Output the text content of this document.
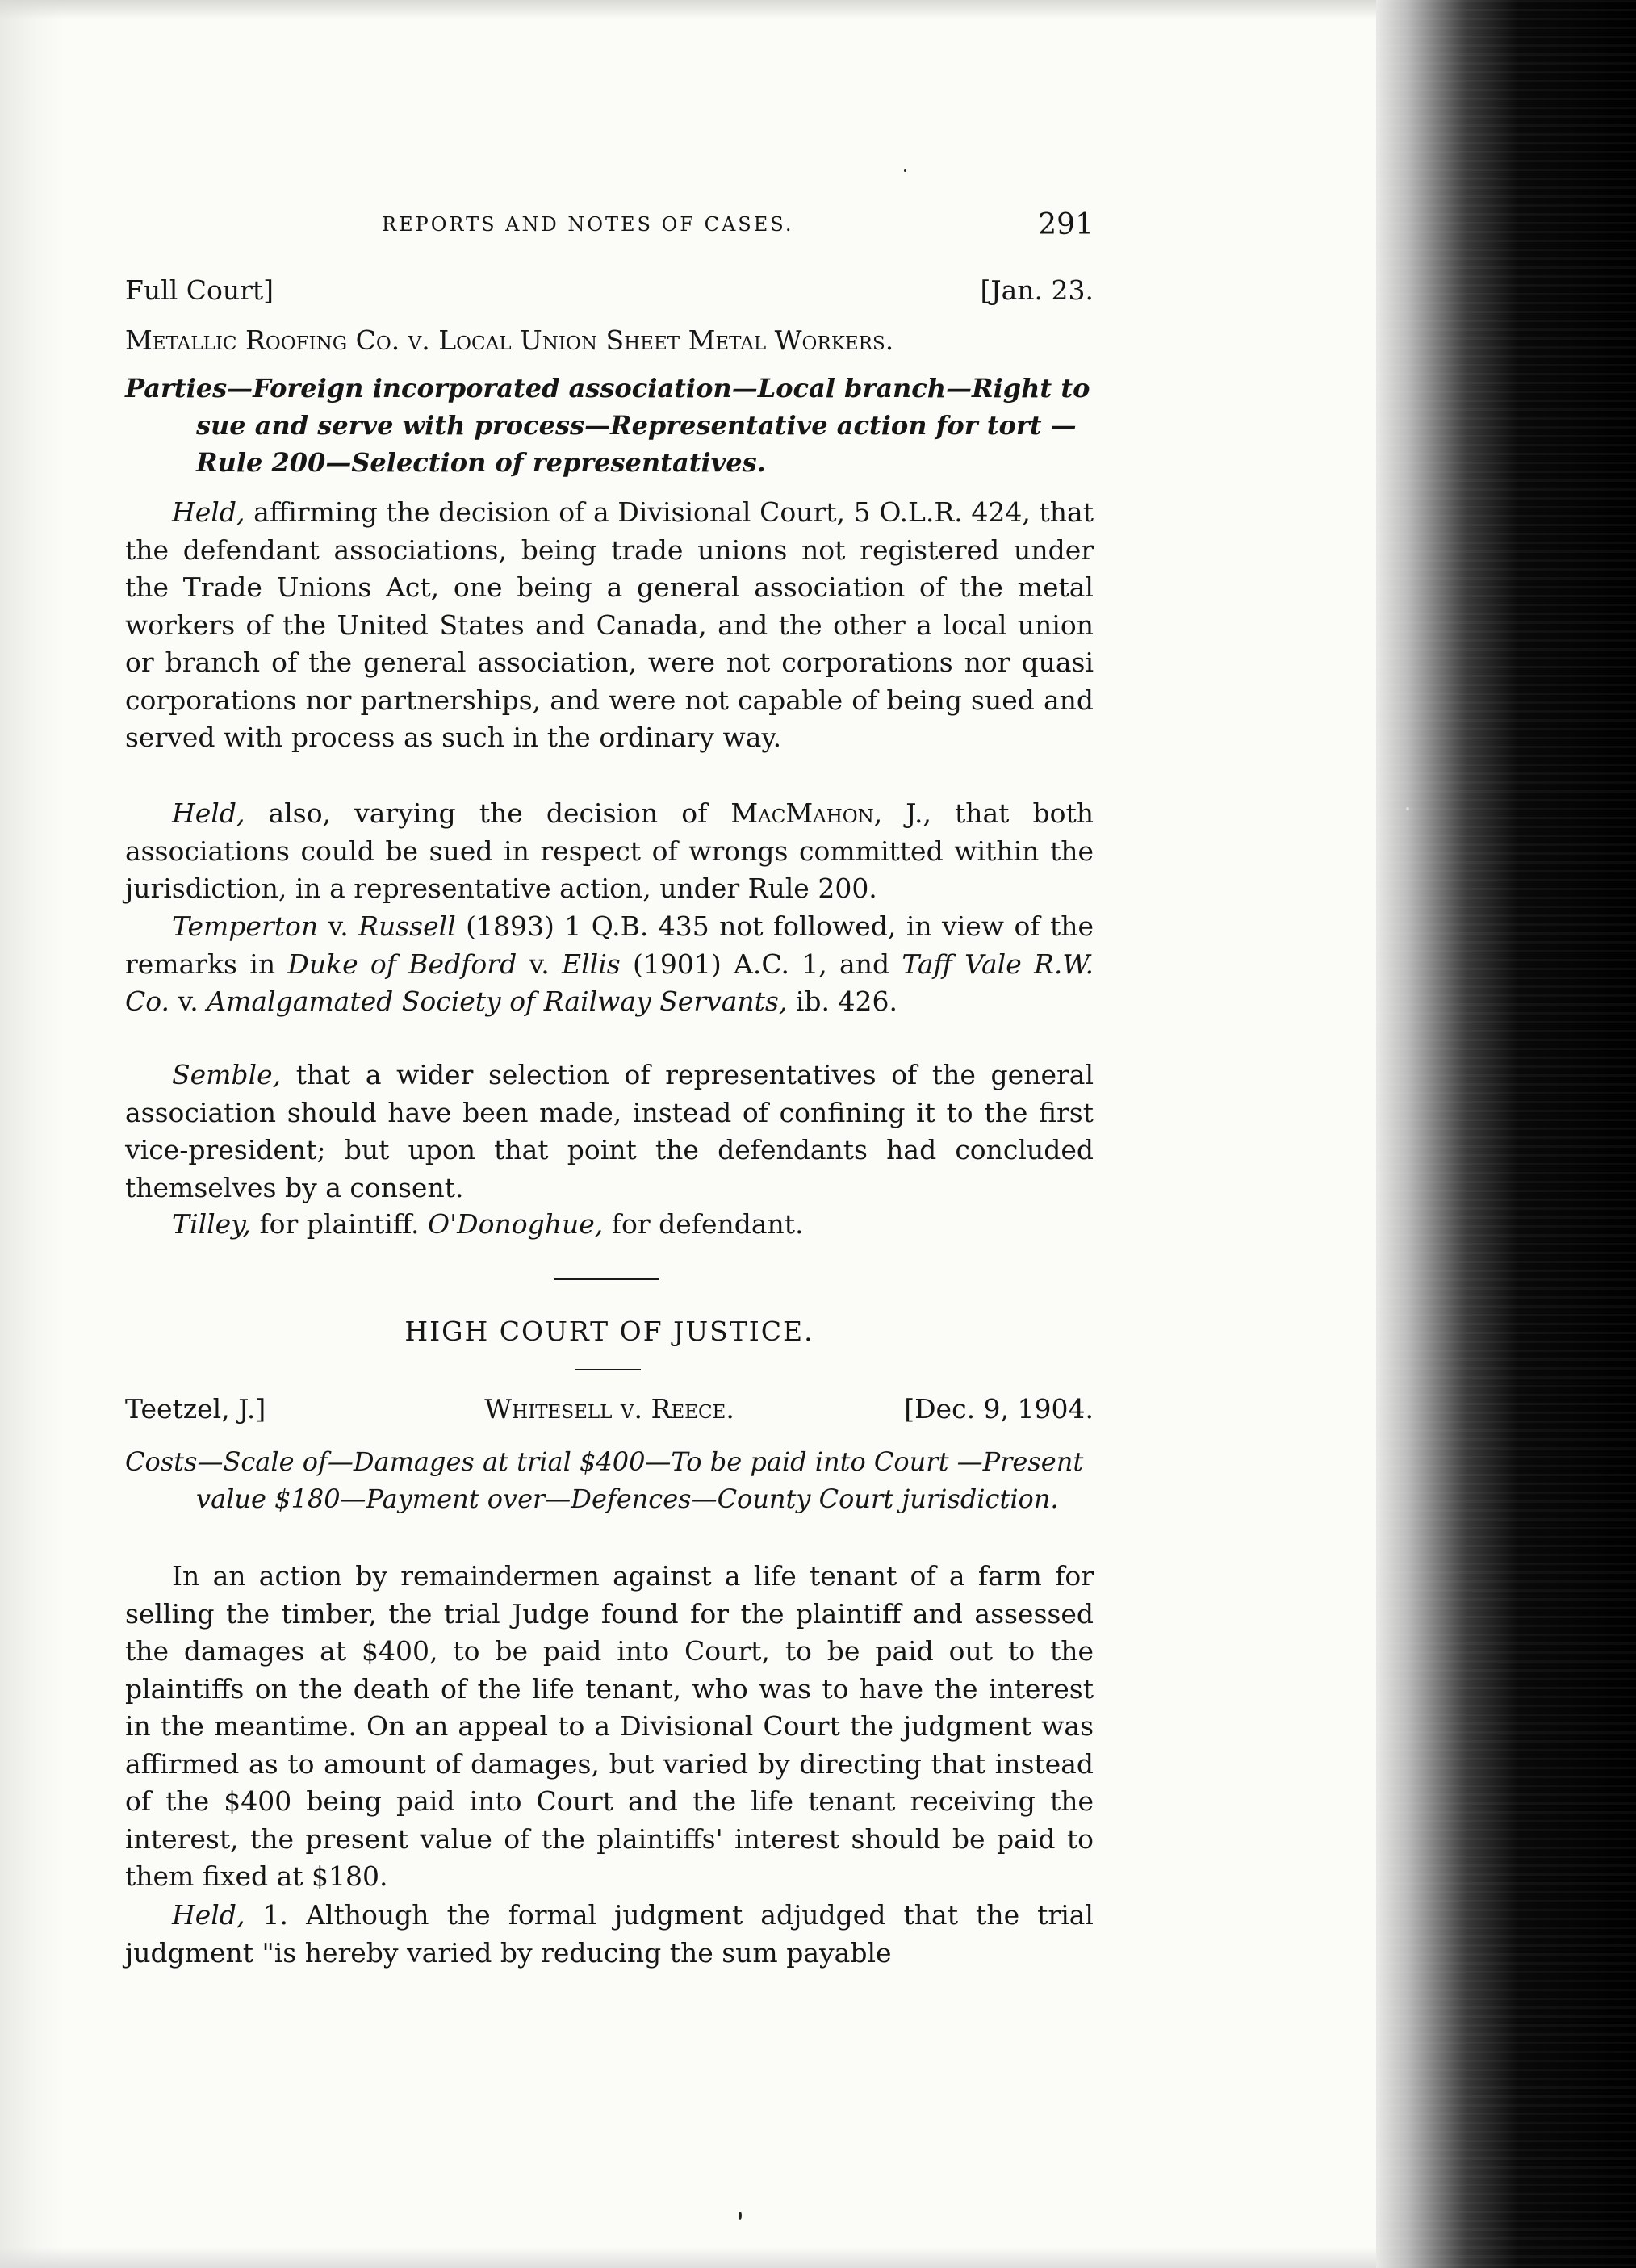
REPORTS AND NOTES OF CASES.	291
Full Court]	[Jan. 23.
Metallic Roofing Co. v. Local Union Sheet Metal Workers.
Parties—Foreign incorporated association—Local branch—Right to sue and serve with process—Representative action for tort —Rule 200—Selection of representatives.

Held, affirming the decision of a Divisional Court, 5 O.L.R. 424, that the defendant associations, being trade unions not registered under the Trade Unions Act, one being a general association of the metal workers of the United States and Canada, and the other a local union or branch of the general association, were not corporations nor quasi corporations nor partnerships, and were not capable of being sued and served with process as such in the ordinary way.

Held, also, varying the decision of MacMahon, J., that both associations could be sued in respect of wrongs committed within the jurisdiction, in a representative action, under Rule 200.

Temperton v. Russell (1893) 1 Q.B. 435 not followed, in view of the remarks in Duke of Bedford v. Ellis (1901) A.C. 1, and Taff Vale R.W. Co. v. Amalgamated Society of Railway Servants, ib. 426.

Semble, that a wider selection of representatives of the general association should have been made, instead of confining it to the first vice-president; but upon that point the defendants had concluded themselves by a consent.

Tilley, for plaintiff. O'Donoghue, for defendant.

HIGH COURT OF JUSTICE.
Teetzel, J.]	Whitesell v. Reece.	[Dec. 9, 1904.
Costs—Scale of—Damages at trial $400—To be paid into Court —Present value $180—Payment over—Defences—County Court jurisdiction.

In an action by remaindermen against a life tenant of a farm for selling the timber, the trial Judge found for the plaintiff and assessed the damages at $400, to be paid into Court, to be paid out to the plaintiffs on the death of the life tenant, who was to have the interest in the meantime. On an appeal to a Divisional Court the judgment was affirmed as to amount of damages, but varied by directing that instead of the $400 being paid into Court and the life tenant receiving the interest, the present value of the plaintiffs' interest should be paid to them fixed at $180.

Held, 1. Although the formal judgment adjudged that the trial judgment "is hereby varied by reducing the sum payable
